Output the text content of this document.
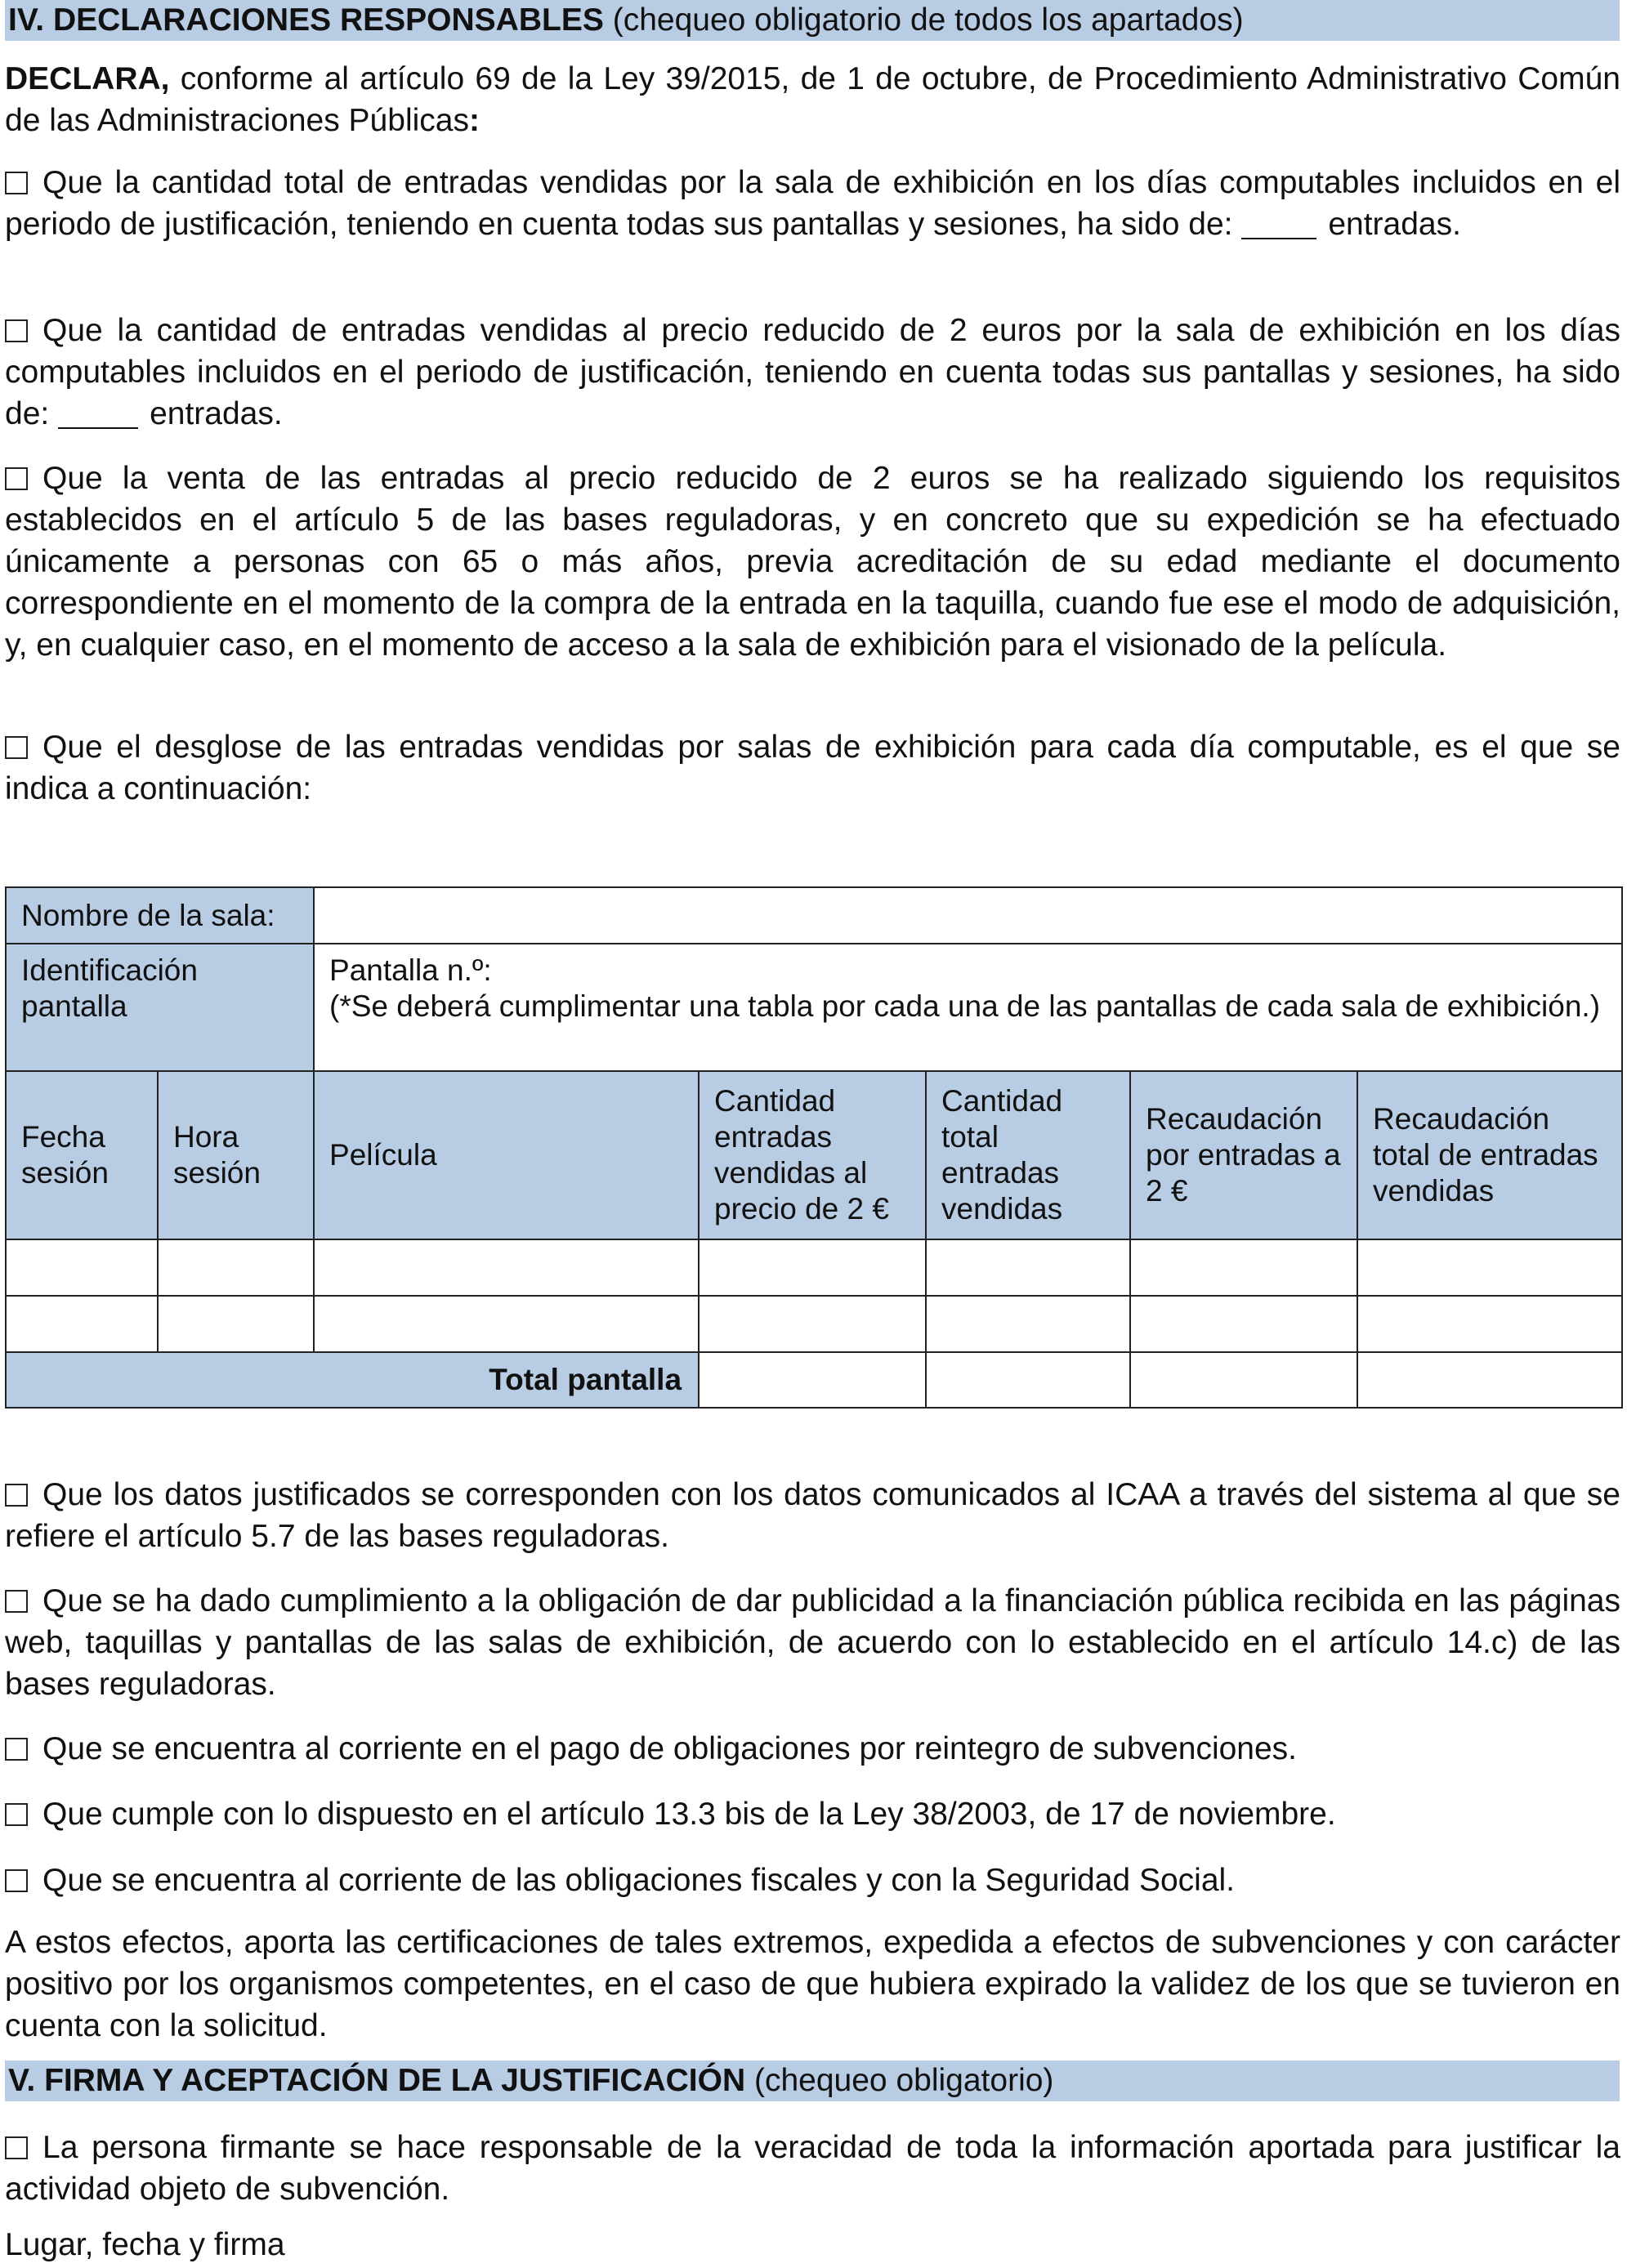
IV. DECLARACIONES RESPONSABLES (chequeo obligatorio de todos los apartados)

DECLARA, conforme al artículo 69 de la Ley 39/2015, de 1 de octubre, de Procedimiento Administrativo Común de las Administraciones Públicas:

Que la cantidad total de entradas vendidas por la sala de exhibición en los días computables incluidos en el periodo de justificación, teniendo en cuenta todas sus pantallas y sesiones, ha sido de:	entradas.

Que la cantidad de entradas vendidas al precio reducido de 2 euros por la sala de exhibición en los días computables incluidos en el periodo de justificación, teniendo en cuenta todas sus pantallas y sesiones, ha sido de:	entradas.

Que la venta de las entradas al precio reducido de 2 euros se ha realizado siguiendo los requisitos establecidos en el artículo 5 de las bases reguladoras, y en concreto que su expedición se ha efectuado únicamente a personas con 65 o más años, previa acreditación de su edad mediante el documento correspondiente en el momento de la compra de la entrada en la taquilla, cuando fue ese el modo de adquisición, y, en cualquier caso, en el momento de acceso a la sala de exhibición para el visionado de la película.

Que el desglose de las entradas vendidas por salas de exhibición para cada día computable, es el que se indica a continuación:

Nombre de la sala:						
Identificación pantalla		Pantalla n.º:
(*Se deberá cumplimentar una tabla por cada una de las pantallas de cada sala de exhibición.)				

Fecha sesión	Hora sesión	Película	Cantidad entradas vendidas al precio de 2 €	Cantidad total entradas vendidas	Recaudación por entradas a 2 €	Recaudación total de entradas vendidas

Total pantalla						

Que los datos justificados se corresponden con los datos comunicados al ICAA a través del sistema al que se refiere el artículo 5.7 de las bases reguladoras.

Que se ha dado cumplimiento a la obligación de dar publicidad a la financiación pública recibida en las páginas web, taquillas y pantallas de las salas de exhibición, de acuerdo con lo establecido en el artículo 14.c) de las bases reguladoras.

Que se encuentra al corriente en el pago de obligaciones por reintegro de subvenciones.

Que cumple con lo dispuesto en el artículo 13.3 bis de la Ley 38/2003, de 17 de noviembre.

Que se encuentra al corriente de las obligaciones fiscales y con la Seguridad Social.

A estos efectos, aporta las certificaciones de tales extremos, expedida a efectos de subvenciones y con carácter positivo por los organismos competentes, en el caso de que hubiera expirado la validez de los que se tuvieron en cuenta con la solicitud.

V. FIRMA Y ACEPTACIÓN DE LA JUSTIFICACIÓN (chequeo obligatorio)

La persona firmante se hace responsable de la veracidad de toda la información aportada para justificar la actividad objeto de subvención.

Lugar, fecha y firma
